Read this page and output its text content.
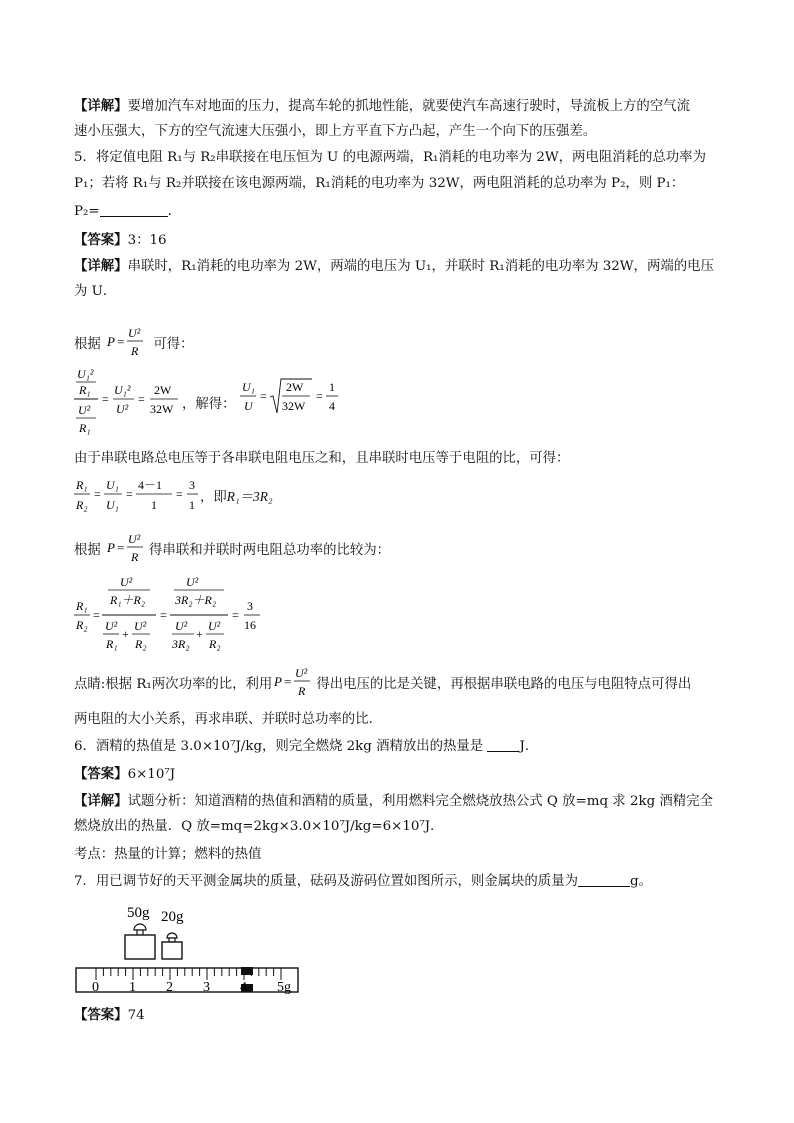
【详解】要增加汽车对地面的压力，提高车轮的抓地性能，就要使汽车高速行驶时，导流板上方的空气流
速小压强大，下方的空气流速大压强小，即上方平直下方凸起，产生一个向下的压强差。
5．将定值电阻 R₁与 R₂串联接在电压恒为 U 的电源两端，R₁消耗的电功率为 2W，两电阻消耗的总功率为
P₁；若将 R₁与 R₂并联接在该电源两端，R₁消耗的电功率为 32W，两电阻消耗的总功率为 P₂，则 P₁：
P₂=	．
【答案】3：16
【详解】串联时，R₁消耗的电功率为 2W，两端的电压为 U₁，并联时 R₁消耗的电功率为 32W，两端的电压
为 U．
根据 P =
U²
R 可得：
U₁²
R₁
U²
R₁
=
U₁²
U²
=
2W
32W ，解得：
U₁
U
=
2W
32W
=
1
4
由于串联电路总电压等于各串联电阻电压之和，且串联时电压等于电阻的比，可得：
R₁
R₂
=
U₁
U₁
=
4－1
1
=
3
1 ，即R₁＝3R₂
根据 P =
U²
R 得串联和并联时两电阻总功率的比较为：
R₁
R₂
=
U²
R₁＋R₂
U²
R₁
+
U²
R₂
=
U²
3R₂＋R₂
U²
3R₂
+
U²
R₂
=
3
16
点睛:根据 R₁两次功率的比，利用 P =
U²
R 得出电压的比是关键，再根据串联电路的电压与电阻特点可得出
两电阻的大小关系，再求串联、并联时总功率的比．
6．酒精的热值是 3.0×10⁷J/kg，则完全燃烧 2kg 酒精放出的热量是	J．
【答案】6×10⁷J
【详解】试题分析：知道酒精的热值和酒精的质量，利用燃料完全燃烧放热公式 Q 放=mq 求 2kg 酒精完全
燃烧放出的热量．Q 放=mq=2kg×3.0×10⁷J/kg=6×10⁷J．
考点：热量的计算；燃料的热值
7．用已调节好的天平测金属块的质量，砝码及游码位置如图所示，则金属块的质量为	g。
50g 20g
0 1 2 3 4 5g
【答案】74
